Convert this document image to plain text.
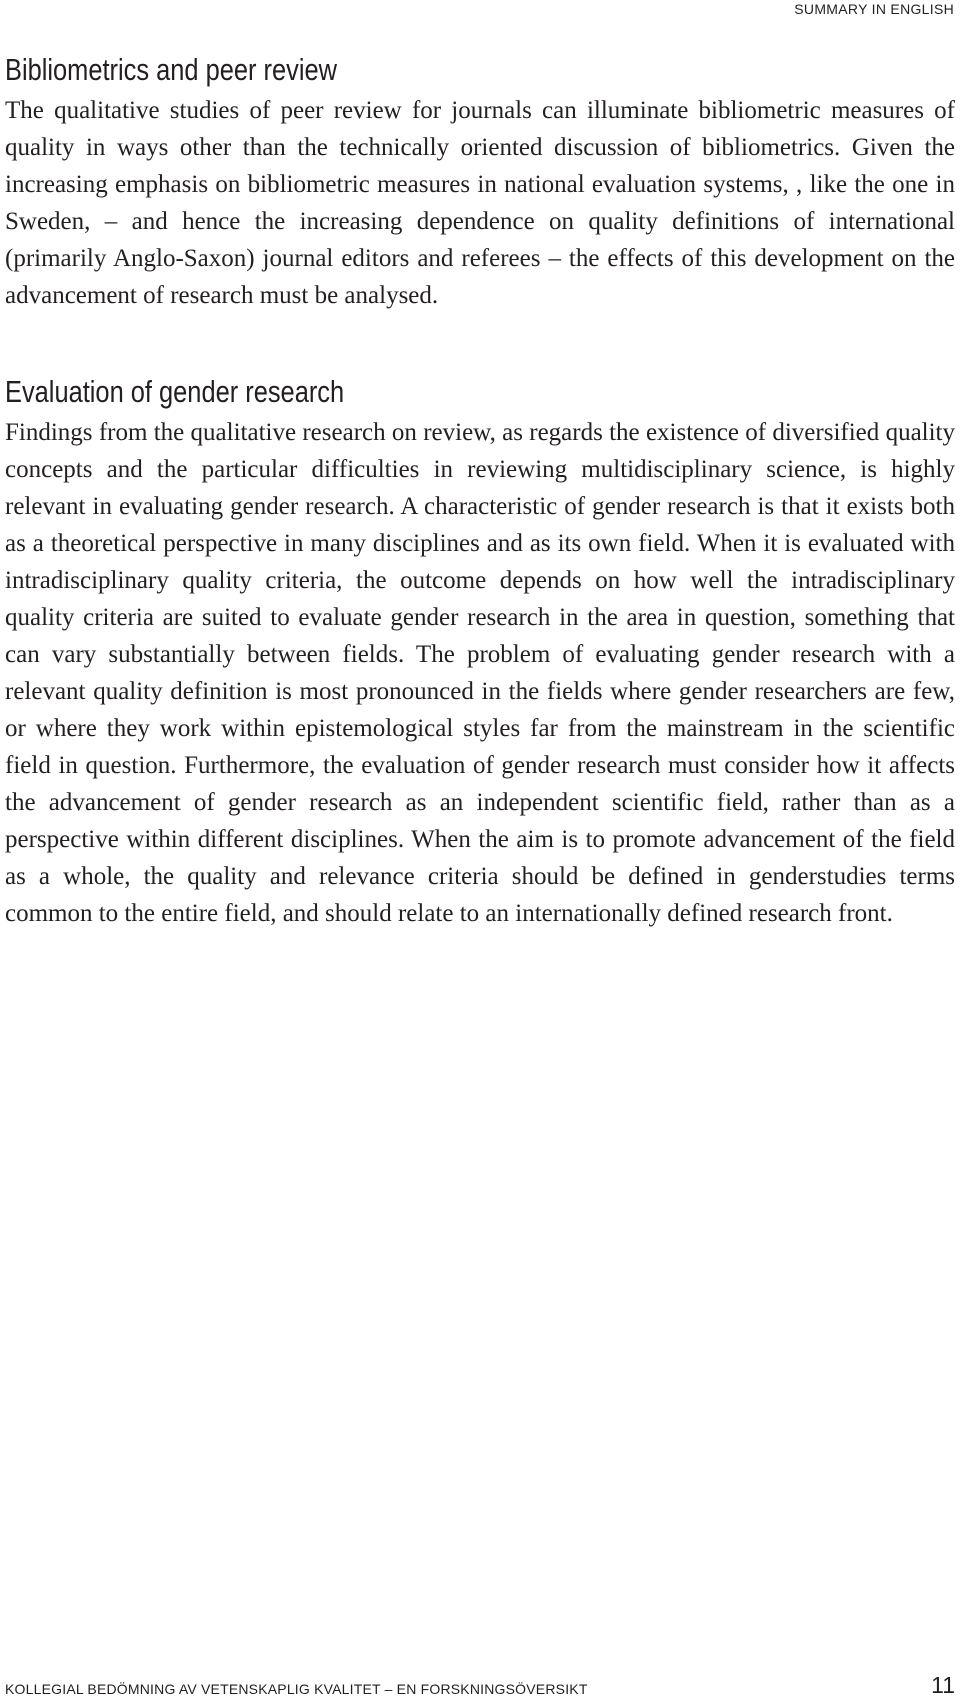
SUMMARY IN ENGLISH
Bibliometrics and peer review

The qualitative studies of peer review for journals can illuminate bibliometric measures of quality in ways other than the technically oriented discussion of bibliometrics. Given the increasing emphasis on bibliometric measures in national evaluation systems, , like the one in Sweden, – and hence the increasing dependence on quality definitions of international (primarily Anglo-Saxon) journal editors and referees – the effects of this development on the advancement of research must be analysed.

Evaluation of gender research

Findings from the qualitative research on review, as regards the existence of diversified quality concepts and the particular difficulties in reviewing multidisciplinary science, is highly relevant in evaluating gender research. A characteristic of gender research is that it exists both as a theoretical perspective in many disciplines and as its own field. When it is evaluated with intradisciplinary quality criteria, the outcome depends on how well the intradisciplinary quality criteria are suited to evaluate gender research in the area in question, something that can vary substantially between fields. The problem of evaluating gender research with a relevant quality definition is most pronounced in the fields where gender researchers are few, or where they work within epistemological styles far from the mainstream in the scientific field in question. Furthermore, the evaluation of gender research must consider how it affects the advancement of gender research as an independent scientific field, rather than as a perspective within different disciplines. When the aim is to promote advancement of the field as a whole, the quality and relevance criteria should be defined in genderstudies terms common to the entire field, and should relate to an internationally defined research front.

KOLLEGIAL BEDÖMNING AV VETENSKAPLIG KVALITET – EN FORSKNINGSÖVERSIKT	11
